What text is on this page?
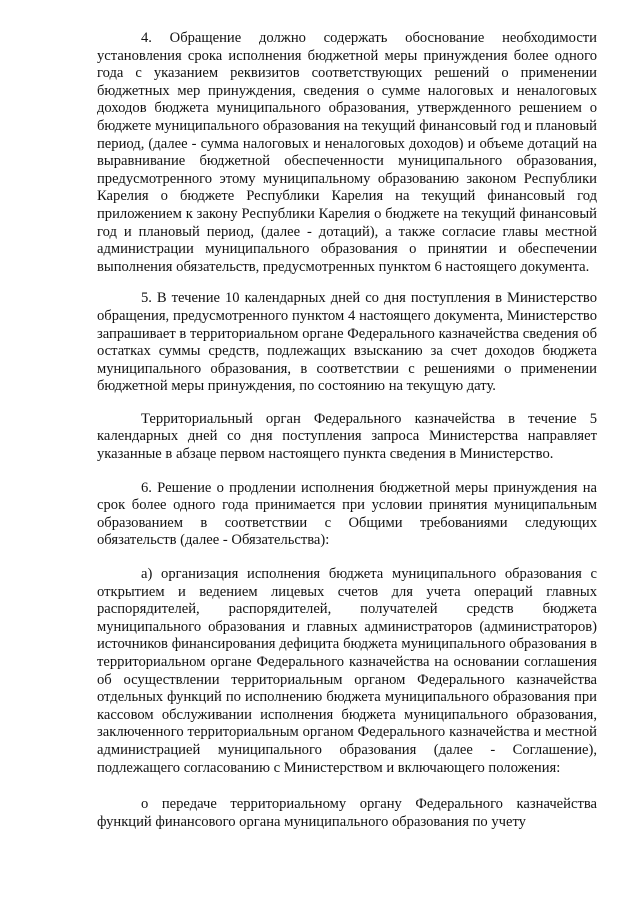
4. Обращение должно содержать обоснование необходимости установления срока исполнения бюджетной меры принуждения более одного года с указанием реквизитов соответствующих решений о применении бюджетных мер принуждения, сведения о сумме налоговых и неналоговых доходов бюджета муниципального образования, утвержденного решением о бюджете муниципального образования на текущий финансовый год и плановый период, (далее - сумма налоговых и неналоговых доходов) и объеме дотаций на выравнивание бюджетной обеспеченности муниципального образования, предусмотренного этому муниципальному образованию законом Республики Карелия о бюджете Республики Карелия на текущий финансовый год приложением к закону Республики Карелия о бюджете на текущий финансовый год и плановый период, (далее - дотаций), а также согласие главы местной администрации муниципального образования о принятии и обеспечении выполнения обязательств, предусмотренных пунктом 6 настоящего документа.

5. В течение 10 календарных дней со дня поступления в Министерство обращения, предусмотренного пунктом 4 настоящего документа, Министерство запрашивает в территориальном органе Федерального казначейства сведения об остатках суммы средств, подлежащих взысканию за счет доходов бюджета муниципального образования, в соответствии с решениями о применении бюджетной меры принуждения, по состоянию на текущую дату.

Территориальный орган Федерального казначейства в течение 5 календарных дней со дня поступления запроса Министерства направляет указанные в абзаце первом настоящего пункта сведения в Министерство.

6. Решение о продлении исполнения бюджетной меры принуждения на срок более одного года принимается при условии принятия муниципальным образованием в соответствии с Общими требованиями следующих обязательств (далее - Обязательства):

а) организация исполнения бюджета муниципального образования с открытием и ведением лицевых счетов для учета операций главных распорядителей, распорядителей, получателей средств бюджета муниципального образования и главных администраторов (администраторов) источников финансирования дефицита бюджета муниципального образования в территориальном органе Федерального казначейства на основании соглашения об осуществлении территориальным органом Федерального казначейства отдельных функций по исполнению бюджета муниципального образования при кассовом обслуживании исполнения бюджета муниципального образования, заключенного территориальным органом Федерального казначейства и местной администрацией муниципального образования (далее - Соглашение), подлежащего согласованию с Министерством и включающего положения:

о передаче территориальному органу Федерального казначейства функций финансового органа муниципального образования по учету
